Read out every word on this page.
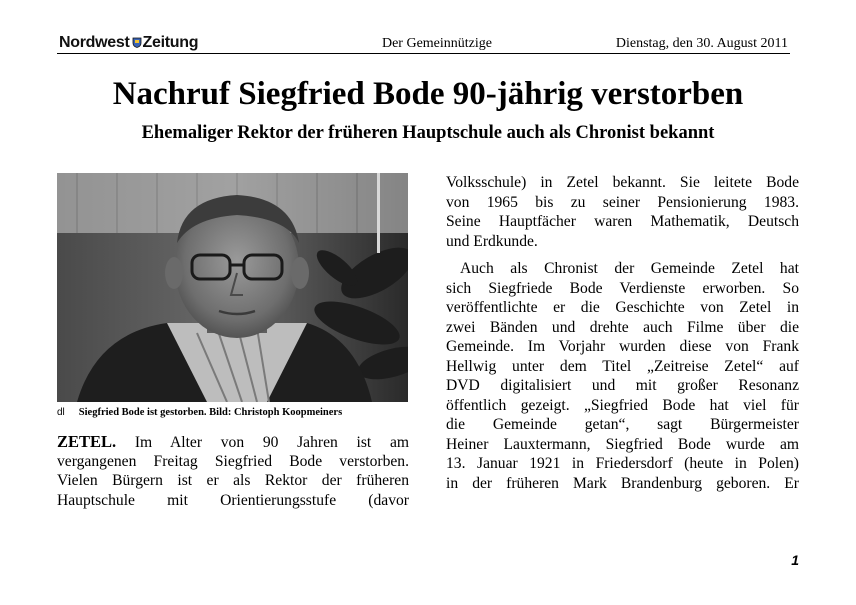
Nordwest Zeitung	Der Gemeinnützige	Dienstag, den 30. August 2011
Nachruf Siegfried Bode 90-jährig verstorben
Ehemaliger Rektor der früheren Hauptschule auch als Chronist bekannt
dl Siegfried Bode ist gestorben. Bild: Christoph Koopmeiners
ZETEL. Im Alter von 90 Jahren ist am
vergangenen Freitag Siegfried Bode verstorben.
Vielen Bürgern ist er als Rektor der früheren
Hauptschule mit Orientierungsstufe (davor
Volksschule) in Zetel bekannt. Sie leitete Bode
von 1965 bis zu seiner Pensionierung 1983.
Seine Hauptfächer waren Mathematik, Deutsch
und Erdkunde.
Auch als Chronist der Gemeinde Zetel hat
sich Siegfriede Bode Verdienste erworben. So
veröffentlichte er die Geschichte von Zetel in
zwei Bänden und drehte auch Filme über die
Gemeinde. Im Vorjahr wurden diese von Frank
Hellwig unter dem Titel „Zeitreise Zetel“ auf
DVD digitalisiert und mit großer Resonanz
öffentlich gezeigt. „Siegfried Bode hat viel für
die Gemeinde getan“, sagt Bürgermeister
Heiner Lauxtermann, Siegfried Bode wurde am
13. Januar 1921 in Friedersdorf (heute in Polen)
in der früheren Mark Brandenburg geboren. Er
1
